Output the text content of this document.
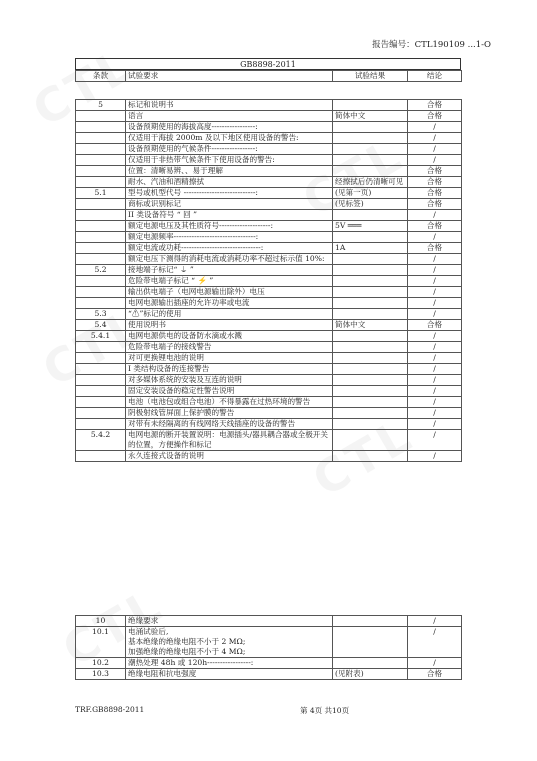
报告编号：CTL190109 ...1-O
GB8898-2011
条款	试验要求	试验结果	结论
5	标记和说明书		合格
	语言	简体中文	合格
	设备预期使用的海拔高度-----------------:		/
	仅适用于海拔 2000m 及以下地区使用设备的警告:		/
	设备预期使用的气候条件-----------------:		/
	仅适用于非热带气候条件下使用设备的警告:		/
	位置：清晰易辨、、易于理解		合格
	耐水、汽油和酒精擦拭	经擦拭后仍清晰可见	合格
5.1	型号或机型代号 ----------------------------:	(见第一页)	合格
	商标或识别标记	(见标签)	合格
	II 类设备符号 “ 回 ”		/
	额定电源电压及其性质符号--------------------:	5V ═══	合格
	额定电源频率--------------------------------:		/
	额定电流或功耗-------------------------------:	1A	合格
	额定电压下测得的消耗电流或消耗功率不超过标示值 10%:		/
5.2	接地端子标记“ ⏚ ”		/
	危险带电端子标记 “ ⚡ ”		/
	输出供电端子（电网电源输出除外）电压		/
	电网电源输出插座的允许功率或电流		/
5.3	“⚠”标记的使用		/
5.4	使用说明书	简体中文	合格
5.4.1	电网电源供电的设备防水滴或水溅		/
	危险带电端子的接线警告		/
	对可更换锂电池的说明		/
	I 类结构设备的连接警告		/
	对多媒体系统的安装及互连的说明		/
	固定安装设备的稳定性警告说明		/
	电池（电池包或组合电池）不得暴露在过热环境的警告		/
	阴极射线管屏面上保护膜的警告		/
	对带有未经隔离的有线网络天线插座的设备的警告		/
5.4.2	电网电源的断开装置说明：电源插头/器具耦合器或全极开关的位置，方便操作和标记		/
	永久连接式设备的说明		/
10	绝缘要求		/
10.1	电涌试验后,
基本绝缘的绝缘电阻不小于 2 MΩ;
加强绝缘的绝缘电阻不小于 4 MΩ;		/
10.2	潮热处理 48h 或 120h-----------------:		/
10.3	绝缘电阻和抗电强度	(见附表)	合格
TRF.GB8898-2011	第 4页 共10页
